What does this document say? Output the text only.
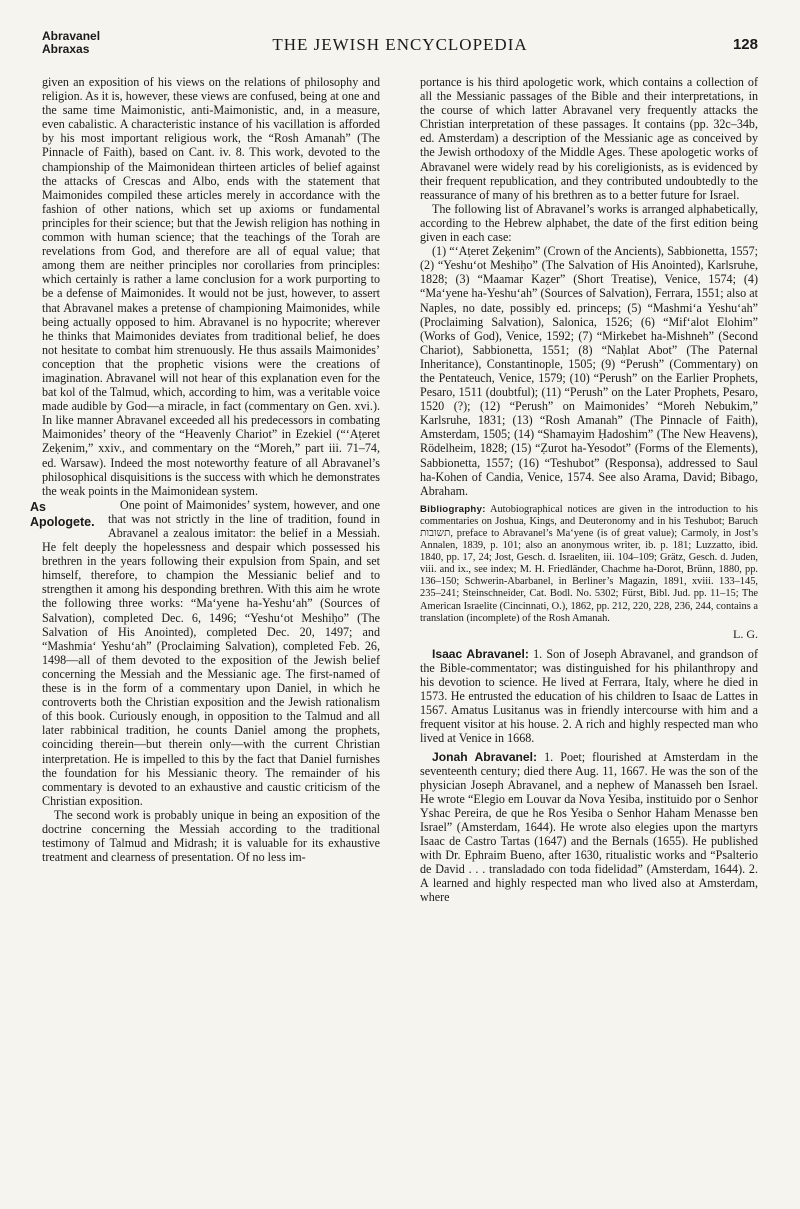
Abravanel
Abraxas	THE JEWISH ENCYCLOPEDIA	128

given an exposition of his views on the relations of philosophy and religion. As it is, however, these views are confused, being at one and the same time Maimonistic, anti-Maimonistic, and, in a measure, even cabalistic. A characteristic instance of his vacillation is afforded by his most important religious work, the “Rosh Amanah” (The Pinnacle of Faith), based on Cant. iv. 8. This work, devoted to the championship of the Maimonidean thirteen articles of belief against the attacks of Crescas and Albo, ends with the statement that Maimonides compiled these articles merely in accordance with the fashion of other nations, which set up axioms or fundamental principles for their science; but that the Jewish religion has nothing in common with human science; that the teachings of the Torah are revelations from God, and therefore are all of equal value; that among them are neither principles nor corollaries from principles: which certainly is rather a lame conclusion for a work purporting to be a defense of Maimonides. It would not be just, however, to assert that Abravanel makes a pretense of championing Maimonides, while being actually opposed to him. Abravanel is no hypocrite; wherever he thinks that Maimonides deviates from traditional belief, he does not hesitate to combat him strenuously. He thus assails Maimonides’ conception that the prophetic visions were the creations of imagination. Abravanel will not hear of this explanation even for the bat kol of the Talmud, which, according to him, was a veritable voice made audible by God—a miracle, in fact (commentary on Gen. xvi.). In like manner Abravanel exceeded all his predecessors in combating Maimonides’ theory of the “Heavenly Chariot” in Ezekiel (“‘Aṭeret Zeḳenim,” xxiv., and commentary on the “Moreh,” part iii. 71–74, ed. Warsaw). Indeed the most noteworthy feature of all Abravanel’s philosophical disquisitions is the success with which he demonstrates the weak points in the Maimonidean system.

As Apologete.
One point of Maimonides’ system, however, and one that was not strictly in the line of tradition, found in Abravanel a zealous imitator: the belief in a Messiah. He felt deeply the hopelessness and despair which possessed his brethren in the years following their expulsion from Spain, and set himself, therefore, to champion the Messianic belief and to strengthen it among his desponding brethren. With this aim he wrote the following three works: “Ma‘yene ha-Yeshu‘ah” (Sources of Salvation), completed Dec. 6, 1496; “Yeshu‘ot Meshiḥo” (The Salvation of His Anointed), completed Dec. 20, 1497; and “Mashmia‘ Yeshu‘ah” (Proclaiming Salvation), completed Feb. 26, 1498—all of them devoted to the exposition of the Jewish belief concerning the Messiah and the Messianic age. The first-named of these is in the form of a commentary upon Daniel, in which he controverts both the Christian exposition and the Jewish rationalism of this book. Curiously enough, in opposition to the Talmud and all later rabbinical tradition, he counts Daniel among the prophets, coinciding therein—but therein only—with the current Christian interpretation. He is impelled to this by the fact that Daniel furnishes the foundation for his Messianic theory. The remainder of his commentary is devoted to an exhaustive and caustic criticism of the Christian exposition.

The second work is probably unique in being an exposition of the doctrine concerning the Messiah according to the traditional testimony of Talmud and Midrash; it is valuable for its exhaustive treatment and clearness of presentation. Of no less im-

portance is his third apologetic work, which contains a collection of all the Messianic passages of the Bible and their interpretations, in the course of which latter Abravanel very frequently attacks the Christian interpretation of these passages. It contains (pp. 32c–34b, ed. Amsterdam) a description of the Messianic age as conceived by the Jewish orthodoxy of the Middle Ages. These apologetic works of Abravanel were widely read by his coreligionists, as is evidenced by their frequent republication, and they contributed undoubtedly to the reassurance of many of his brethren as to a better future for Israel.

The following list of Abravanel’s works is arranged alphabetically, according to the Hebrew alphabet, the date of the first edition being given in each case:

(1) “‘Aṭeret Zeḳenim” (Crown of the Ancients), Sabbionetta, 1557; (2) “Yeshu‘ot Meshiḥo” (The Salvation of His Anointed), Karlsruhe, 1828; (3) “Maamar Kaẓer” (Short Treatise), Venice, 1574; (4) “Ma‘yene ha-Yeshu‘ah” (Sources of Salvation), Ferrara, 1551; also at Naples, no date, possibly ed. princeps; (5) “Mashmi‘a Yeshu‘ah” (Proclaiming Salvation), Salonica, 1526; (6) “Mif‘alot Elohim” (Works of God), Venice, 1592; (7) “Mirkebet ha-Mishneh” (Second Chariot), Sabbionetta, 1551; (8) “Naḥlat Abot” (The Paternal Inheritance), Constantinople, 1505; (9) “Perush” (Commentary) on the Pentateuch, Venice, 1579; (10) “Perush” on the Earlier Prophets, Pesaro, 1511 (doubtful); (11) “Perush” on the Later Prophets, Pesaro, 1520 (?); (12) “Perush” on Maimonides’ “Moreh Nebukim,” Karlsruhe, 1831; (13) “Rosh Amanah” (The Pinnacle of Faith), Amsterdam, 1505; (14) “Shamayim Ḥadoshim” (The New Heavens), Rödelheim, 1828; (15) “Ẓurot ha-Yesodot” (Forms of the Elements), Sabbionetta, 1557; (16) “Teshubot” (Responsa), addressed to Saul ha-Kohen of Candia, Venice, 1574. See also Arama, David; Bibago, Abraham.

Bibliography: Autobiographical notices are given in the introduction to his commentaries on Joshua, Kings, and Deuteronomy and in his Teshubot; Baruch תשובות, preface to Abravanel’s Ma‘yene (is of great value); Carmoly, in Jost’s Annalen, 1839, p. 101; also an anonymous writer, ib. p. 181; Luzzatto, ibid. 1840, pp. 17, 24; Jost, Gesch. d. Israeliten, iii. 104–109; Grätz, Gesch. d. Juden, viii. and ix., see index; M. H. Friedländer, Chachme ha-Dorot, Brünn, 1880, pp. 136–150; Schwerin-Abarbanel, in Berliner’s Magazin, 1891, xviii. 133–145, 235–241; Steinschneider, Cat. Bodl. No. 5302; Fürst, Bibl. Jud. pp. 11–15; The American Israelite (Cincinnati, O.), 1862, pp. 212, 220, 228, 236, 244, contains a translation (incomplete) of the Rosh Amanah.

L. G.

Isaac Abravanel: 1. Son of Joseph Abravanel, and grandson of the Bible-commentator; was distinguished for his philanthropy and his devotion to science. He lived at Ferrara, Italy, where he died in 1573. He entrusted the education of his children to Isaac de Lattes in 1567. Amatus Lusitanus was in friendly intercourse with him and a frequent visitor at his house. 2. A rich and highly respected man who lived at Venice in 1668.

Jonah Abravanel: 1. Poet; flourished at Amsterdam in the seventeenth century; died there Aug. 11, 1667. He was the son of the physician Joseph Abravanel, and a nephew of Manasseh ben Israel. He wrote “Elegio em Louvar da Nova Yesiba, instituido por o Senhor Yshac Pereira, de que he Ros Yesiba o Senhor Haham Menasse ben Israel” (Amsterdam, 1644). He wrote also elegies upon the martyrs Isaac de Castro Tartas (1647) and the Bernals (1655). He published with Dr. Ephraim Bueno, after 1630, ritualistic works and “Psalterio de David . . . transladado con toda fidelidad” (Amsterdam, 1644). 2. A learned and highly respected man who lived also at Amsterdam, where
